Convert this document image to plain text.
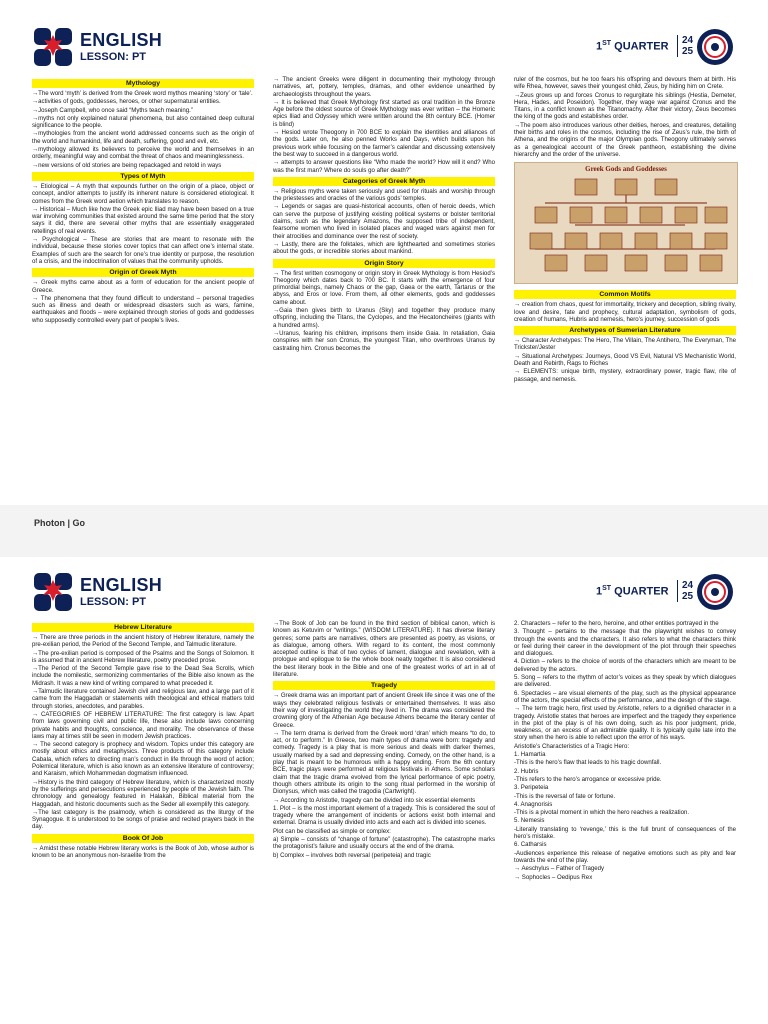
ENGLISH
LESSON: PT
1ST QUARTER
24
25
Mythology

→The word ‘myth’ is derived from the Greek word mythos meaning ‘story’ or ‘tale’.

→activities of gods, goddesses, heroes, or other supernatural entities.

→Joseph Campbell, who once said “Myths teach meaning.”

→myths not only explained natural phenomena, but also contained deep cultural significance to the people.

→mythologies from the ancient world addressed concerns such as the origin of the world and humankind, life and death, suffering, good and evil, etc.

→mythology allowed its believers to perceive the world and themselves in an orderly, meaningful way and combat the threat of chaos and meaninglessness.

→new versions of old stories are being repackaged and retold in ways

Types of Myth

→ Etiological – A myth that expounds further on the origin of a place, object or concept, and/or attempts to justify its inherent nature is considered etiological. It comes from the Greek word aetion which translates to reason.

→ Historical – Much like how the Greek epic Iliad may have been based on a true war involving communities that existed around the same time period that the story says it did, there are several other myths that are essentially exaggerated retellings of real events.

→ Psychological – These are stories that are meant to resonate with the individual, because these stories cover topics that can affect one’s internal state. Examples of such are the search for one’s true identity or purpose, the resolution of a crisis, and the indoctrination of values that the community upholds.

Origin of Greek Myth

→ Greek myths came about as a form of education for the ancient people of Greece.

→ The phenomena that they found difficult to understand – personal tragedies such as illness and death or widespread disasters such as wars, famine, earthquakes and floods – were explained through stories of gods and goddesses who supposedly controlled every part of people’s lives.

→ The ancient Greeks were diligent in documenting their mythology through narratives, art, pottery, temples, dramas, and other evidence unearthed by archaeologists throughout the years.

→ It is believed that Greek Mythology first started as oral tradition in the Bronze Age before the oldest source of Greek Mythology was ever written – the Homeric epics Iliad and Odyssey which were written around the 8th century BCE. (Homer is blind)

→ Hesiod wrote Theogony in 700 BCE to explain the identities and alliances of the gods. Later on, he also penned Works and Days, which builds upon his previous work while focusing on the farmer’s calendar and discussing extensively the best way to succeed in a dangerous world.

→ attempts to answer questions like “Who made the world? How will it end? Who was the first man? Where do souls go after death?”

Categories of Greek Myth

→ Religious myths were taken seriously and used for rituals and worship through the priestesses and oracles of the various gods’ temples.

→ Legends or sagas are quasi-historical accounts, often of heroic deeds, which can serve the purpose of justifying existing political systems or bolster territorial claims, such as the legendary Amazons, the supposed tribe of independent, fearsome women who lived in isolated places and waged wars against men for their atrocities and dominance over the rest of society.

→ Lastly, there are the folktales, which are lighthearted and sometimes stories about the gods, or incredible stories about mankind.

Origin Story

→ The first written cosmogony or origin story in Greek Mythology is from Hesiod’s Theogony which dates back to 700 BC. It starts with the emergence of four primordial beings, namely Chaos or the gap, Gaea or the earth, Tartarus or the abyss, and Eros or love. From them, all other elements, gods and goddesses came about.

→Gaia then gives birth to Uranus (Sky) and together they produce many offspring, including the Titans, the Cyclopes, and the Hecatoncheires (giants with a hundred arms).

→Uranus, fearing his children, imprisons them inside Gaia. In retaliation, Gaia conspires with her son Cronus, the youngest Titan, who overthrows Uranus by castrating him. Cronus becomes the

ruler of the cosmos, but he too fears his offspring and devours them at birth. His wife Rhea, however, saves their youngest child, Zeus, by hiding him on Crete.

→Zeus grows up and forces Cronus to regurgitate his siblings (Hestia, Demeter, Hera, Hades, and Poseidon). Together, they wage war against Cronus and the Titans, in a conflict known as the Titanomachy. After their victory, Zeus becomes the king of the gods and establishes order.

→The poem also introduces various other deities, heroes, and creatures, detailing their births and roles in the cosmos, including the rise of Zeus’s rule, the birth of Athena, and the origins of the major Olympian gods. Theogony ultimately serves as a genealogical account of the Greek pantheon, establishing the divine hierarchy and the order of the universe.

Greek Gods and Goddesses
Common Motifs

→ creation from chaos, quest for immortality, trickery and deception, sibling rivalry, love and desire, fate and prophecy, cultural adaptation, symbolism of gods, creation of humans, Hubris and nemesis, hero’s journey, succession of gods

Archetypes of Sumerian Literature

→ Character Archetypes: The Hero, The Villain, The Antihero, The Everyman, The Trickster/Jester

→ Situational Archetypes: Journeys, Good VS Evil, Natural VS Mechanistic World, Death and Rebirth, Rags to Riches

→ ELEMENTS: unique birth, mystery, extraordinary power, tragic flaw, rite of passage, and nemesis.

Photon | Go
ENGLISH
LESSON: PT
1ST QUARTER
24
25
Hebrew Literature

→ There are three periods in the ancient history of Hebrew literature, namely the pre-exilian period, the Period of the Second Temple, and Talmudic literature.

→The pre-exilian period is composed of the Psalms and the Songs of Solomon. It is assumed that in ancient Hebrew literature, poetry preceded prose.

→The Period of the Second Temple gave rise to the Dead Sea Scrolls, which include the nomilestic, sermonizing commentaries of the Bible also known as the Midrash. It was a new kind of writing compared to what preceded it.

→Talmudic literature contained Jewish civil and religious law, and a large part of it came from the Haggadah or statements with theological and ethical matters told through stories, anecdotes, and parables.

→ CATEGORIES OF HEBREW LITERATURE: The first category is law. Apart from laws governing civil and public life, these also include laws concerning private habits and thoughts, conscience, and morality. The observance of these laws may at times still be seen in modern Jewish practices.

→ The second category is prophecy and wisdom. Topics under this category are mostly about ethics and metaphysics. Three products of this category include Cabala, which refers to directing man’s conduct in life through the word of action; Polemical literature, which is also known as an extensive literature of controversy; and Karaism, which Mohammedan dogmatism influenced.

→History is the third category of Hebrew literature, which is characterized mostly by the sufferings and persecutions experienced by people of the Jewish faith. The chronology and genealogy featured in Halakah, Biblical material from the Haggadah, and historic documents such as the Seder all exemplify this category.

→The last category is the psalmody, which is considered as the liturgy of the Synagogue. It is understood to be songs of praise and recited prayers back in the day.

Book Of Job

→ Amidst these notable Hebrew literary works is the Book of Job, whose author is known to be an anonymous non-Israelite from the

→The Book of Job can be found in the third section of biblical canon, which is known as Ketuvim or “writings.” (WISDOM LITERATURE). It has diverse literary genres; some parts are narratives, others are presented as poetry, as visions, or as dialogue, among others. With regard to its content, the most commonly accepted outline is that of two cycles of lament, dialogue and revelation, with a prologue and epilogue to tie the whole book neatly together. It is also considered the best literary book in the Bible and one of the greatest works of art in all of literature.

Tragedy

→ Greek drama was an important part of ancient Greek life since it was one of the ways they celebrated religious festivals or entertained themselves. It was also their way of investigating the world they lived in. The drama was considered the crowning glory of the Athenian Age because Athens became the literary center of Greece.

→ The term drama is derived from the Greek word ‘dran’ which means “to do, to act, or to perform.” In Greece, two main types of drama were born: tragedy and comedy. Tragedy is a play that is more serious and deals with darker themes, usually marked by a sad and depressing ending. Comedy, on the other hand, is a play that is meant to be humorous with a happy ending. From the 6th century BCE, tragic plays were performed at religious festivals in Athens. Some scholars claim that the tragic drama evolved from the lyrical performance of epic poetry, though others attribute its origin to the song ritual performed in the worship of Dionysus, which was called the tragodia (Cartwright).

→ According to Aristotle, tragedy can be divided into six essential elements

1. Plot – is the most important element of a tragedy. This is considered the soul of tragedy where the arrangement of incidents or actions exist both internal and external. Drama is usually divided into acts and each act is divided into scenes.

Plot can be classified as simple or complex:

a) Simple – consists of “change of fortune” (catastrophe). The catastrophe marks the protagonist’s failure and usually occurs at the end of the drama.

b) Complex – involves both reversal (peripeteia) and tragic

2. Characters – refer to the hero, heroine, and other entities portrayed in the

3. Thought – pertains to the message that the playwright wishes to convey through the events and the characters. It also refers to what the characters think or feel during their career in the development of the plot through their speeches and dialogues.

4. Diction – refers to the choice of words of the characters which are meant to be delivered by the actors.

5. Song – refers to the rhythm of actor’s voices as they speak by which dialogues are delivered.

6. Spectacles – are visual elements of the play, such as the physical appearance of the actors, the special effects of the performance, and the design of the stage.

→ The term tragic hero, first used by Aristotle, refers to a dignified character in a tragedy. Aristotle states that heroes are imperfect and the tragedy they experience in the plot of the play is of his own doing, such as his poor judgment, pride, weakness, or an excess of an admirable quality. It is typically quite late into the story when the hero is able to reflect upon the error of his ways.

Aristotle’s Characteristics of a Tragic Hero:

1. Hamartia

-This is the hero’s flaw that leads to his tragic downfall.

2. Hubris

-This refers to the hero’s arrogance or excessive pride.

3. Peripeteia

-This is the reversal of fate or fortune.

4. Anagnorisis

-This is a pivotal moment in which the hero reaches a realization.

5. Nemesis

-Literally translating to ‘revenge,’ this is the full brunt of consequences of the hero’s mistake.

6. Catharsis

-Audiences experience this release of negative emotions such as pity and fear towards the end of the play.

→ Aeschylus – Father of Tragedy

→ Sophocles – Oedipus Rex
